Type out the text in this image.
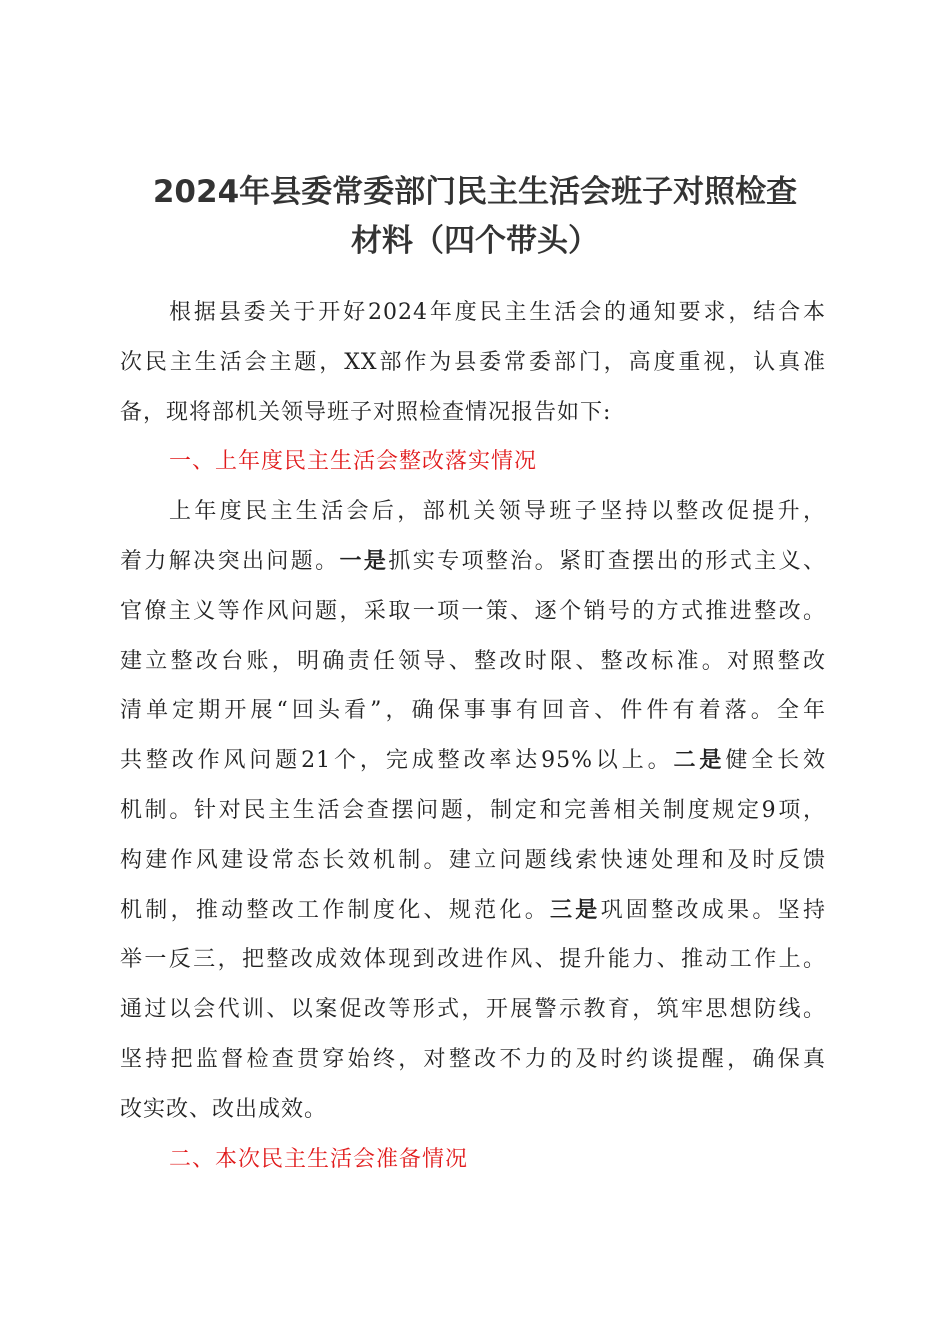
2024年县委常委部门民主生活会班子对照检查
材料（四个带头）
根据县委关于开好2024年度民主生活会的通知要求，结合本
次民主生活会主题，XX部作为县委常委部门，高度重视，认真准
备，现将部机关领导班子对照检查情况报告如下:
一、上年度民主生活会整改落实情况
上年度民主生活会后，部机关领导班子坚持以整改促提升，
着力解决突出问题。一是抓实专项整治。紧盯查摆出的形式主义、
官僚主义等作风问题，采取一项一策、逐个销号的方式推进整改。
建立整改台账，明确责任领导、整改时限、整改标准。对照整改
清单定期开展“回头看”，确保事事有回音、件件有着落。全年
共整改作风问题21个，完成整改率达95%以上。二是健全长效
机制。针对民主生活会查摆问题，制定和完善相关制度规定9项，
构建作风建设常态长效机制。建立问题线索快速处理和及时反馈
机制，推动整改工作制度化、规范化。三是巩固整改成果。坚持
举一反三，把整改成效体现到改进作风、提升能力、推动工作上。
通过以会代训、以案促改等形式，开展警示教育，筑牢思想防线。
坚持把监督检查贯穿始终，对整改不力的及时约谈提醒，确保真
改实改、改出成效。
二、本次民主生活会准备情况
